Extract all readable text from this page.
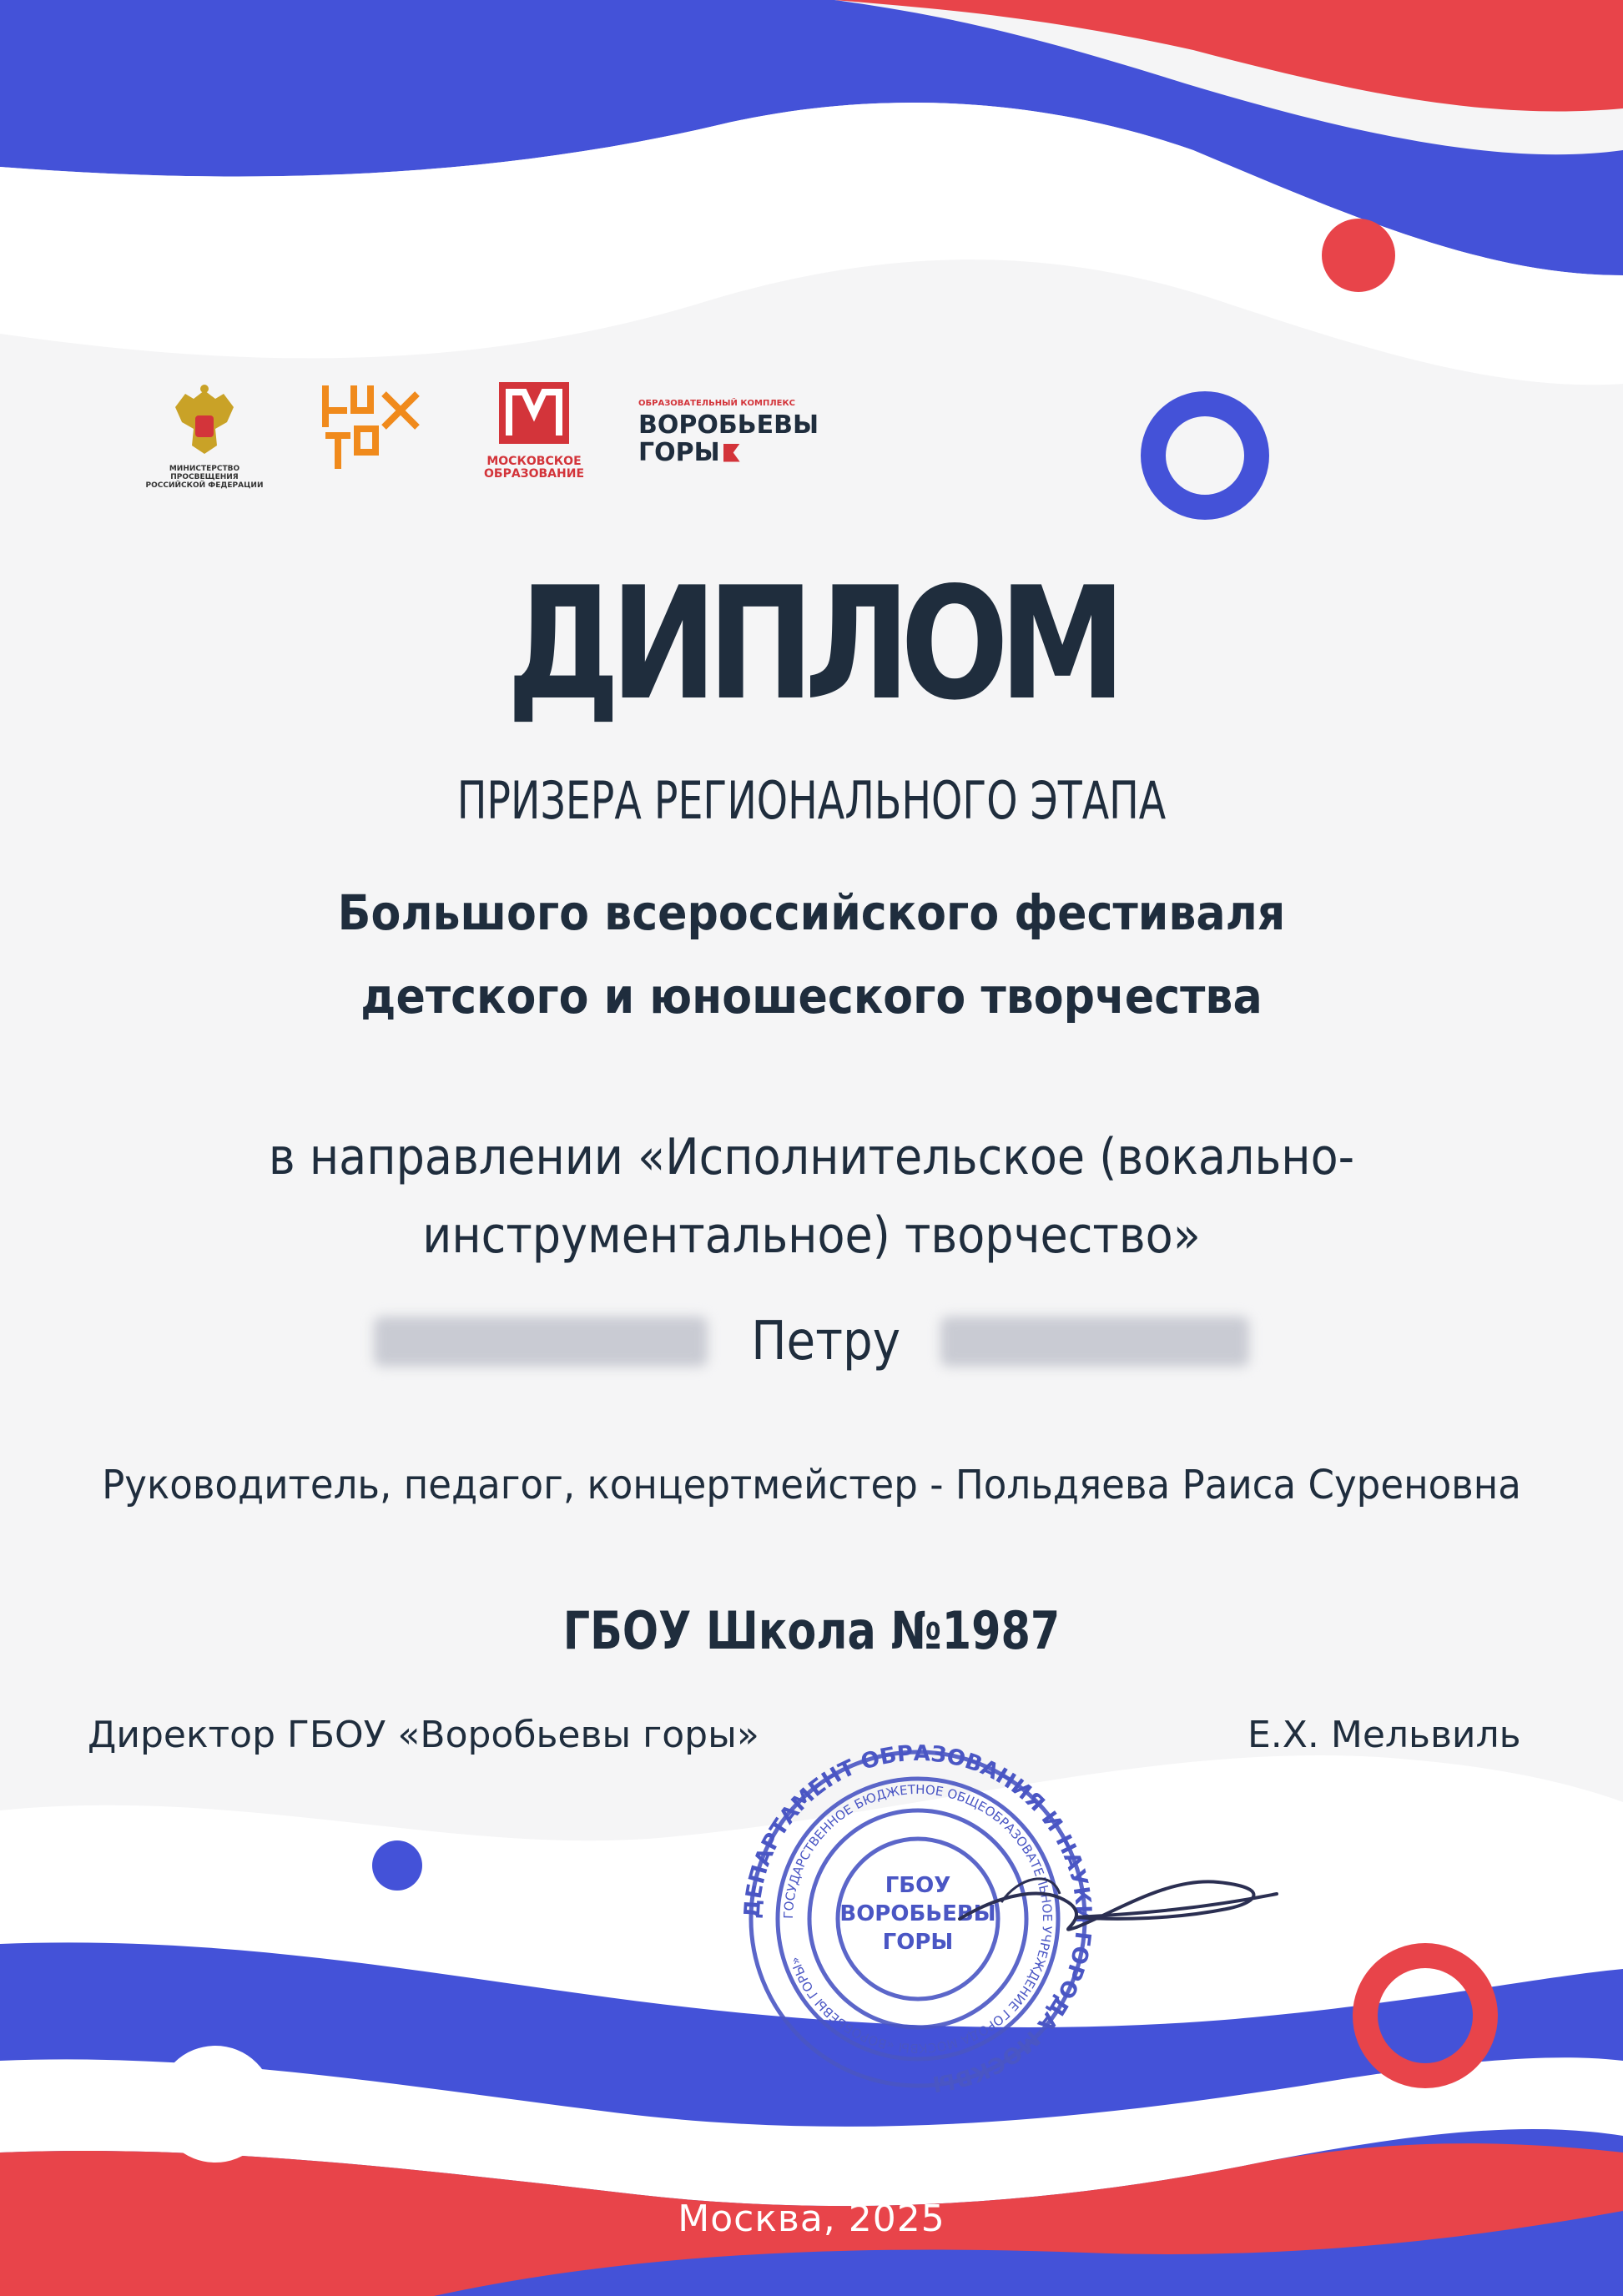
МИНИСТЕРСТВО ПРОСВЕЩЕНИЯ РОССИЙСКОЙ ФЕДЕРАЦИИ
МОСКОВСКОЕ ОБРАЗОВАНИЕ
ОБРАЗОВАТЕЛЬНЫЙ КОМПЛЕКС
ВОРОБЬЕВЫ
ГОРЫ
ДИПЛОМ
ПРИЗЕРА РЕГИОНАЛЬНОГО ЭТАПА
Большого всероссийского фестиваля
детского и юношеского творчества
в направлении «Исполнительское (вокально-
инструментальное) творчество»
Петру
Руководитель, педагог, концертмейстер - Польдяева Раиса Суреновна
ГБОУ Школа №1987
Директор ГБОУ «Воробьевы горы»	Е.Х. Мельвиль
ДЕПАРТАМЕНТ ОБРАЗОВАНИЯ И НАУКИ ГОРОДА МОСКВЫ
ГОСУДАРСТВЕННОЕ БЮДЖЕТНОЕ ОБЩЕОБРАЗОВАТЕЛЬНОЕ УЧРЕЖДЕНИЕ ГОРОДА МОСКВЫ «ВОРОБЬЕВЫ ГОРЫ»
ГБОУ
ВОРОБЬЕВЫ
ГОРЫ
Москва, 2025
